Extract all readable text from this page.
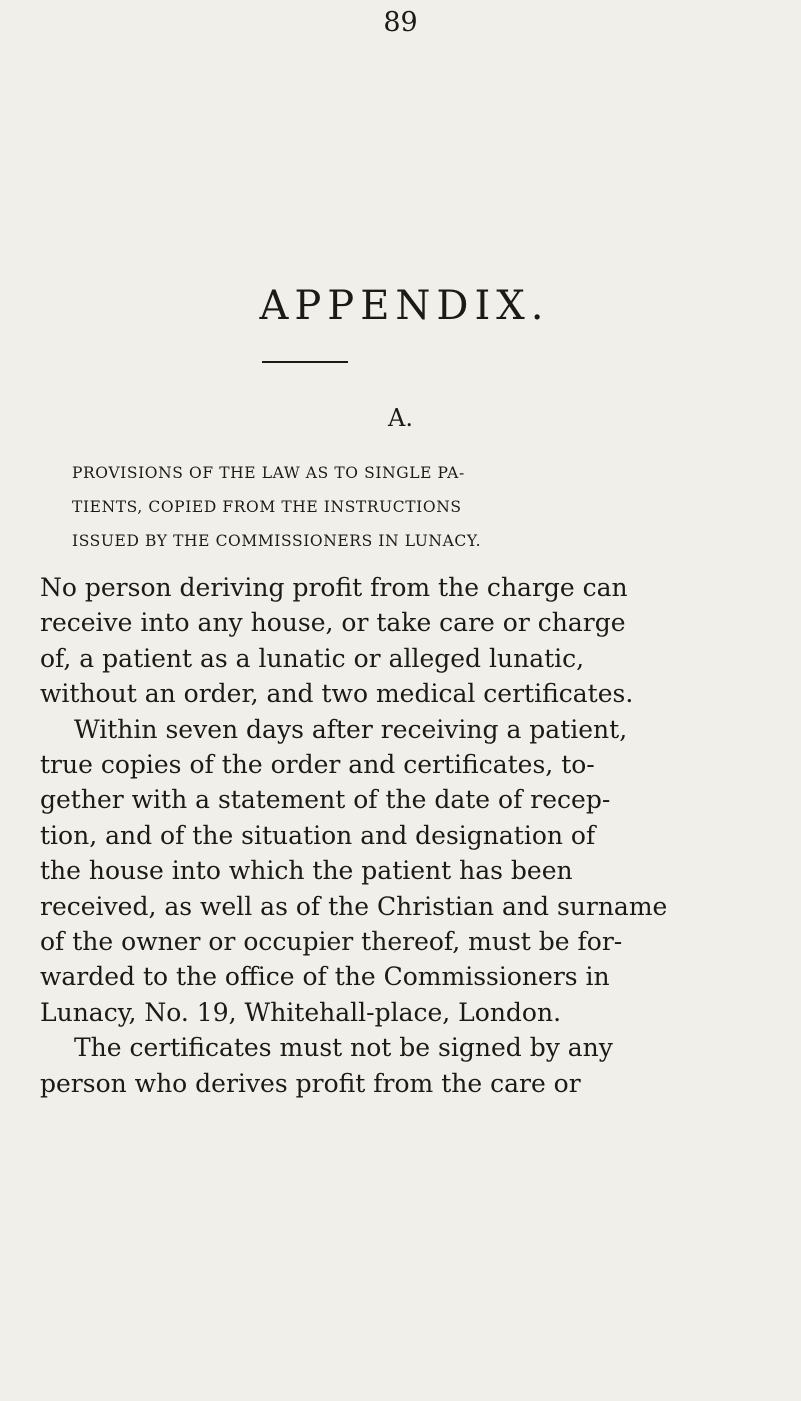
89
APPENDIX.
A.
PROVISIONS OF THE LAW AS TO SINGLE PA-
TIENTS, COPIED FROM THE INSTRUCTIONS
ISSUED BY THE COMMISSIONERS IN LUNACY.
No person deriving profit from the charge can
receive into any house, or take care or charge
of, a patient as a lunatic or alleged lunatic,
without an order, and two medical certificates.
Within seven days after receiving a patient,
true copies of the order and certificates, to-
gether with a statement of the date of recep-
tion, and of the situation and designation of
the house into which the patient has been
received, as well as of the Christian and surname
of the owner or occupier thereof, must be for-
warded to the office of the Commissioners in
Lunacy, No. 19, Whitehall-place, London.
The certificates must not be signed by any
person who derives profit from the care or
